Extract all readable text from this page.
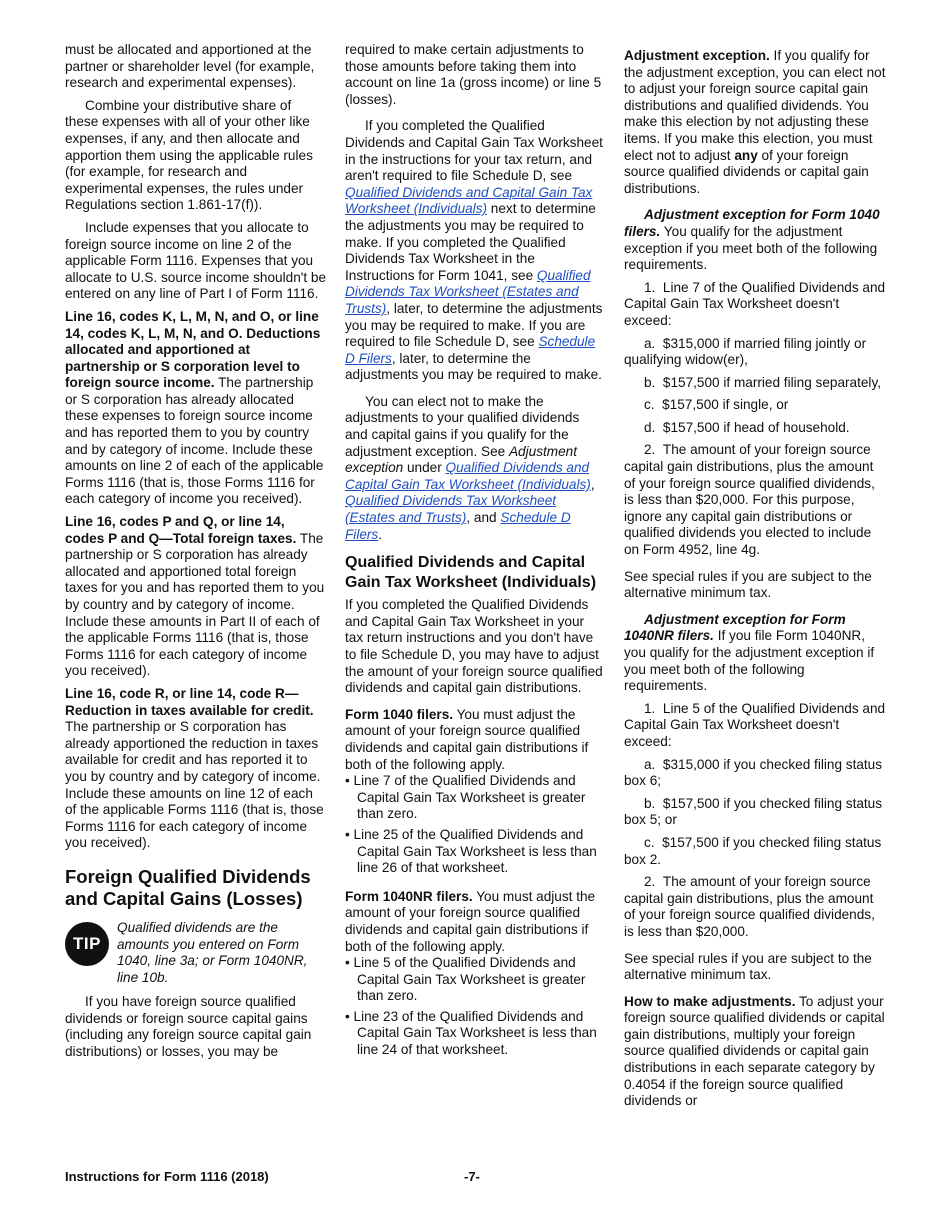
must be allocated and apportioned at the partner or shareholder level (for example, research and experimental expenses).

Combine your distributive share of these expenses with all of your other like expenses, if any, and then allocate and apportion them using the applicable rules (for example, for research and experimental expenses, the rules under Regulations section 1.861-17(f)).

Include expenses that you allocate to foreign source income on line 2 of the applicable Form 1116. Expenses that you allocate to U.S. source income shouldn't be entered on any line of Part I of Form 1116.

Line 16, codes K, L, M, N, and O, or line 14, codes K, L, M, N, and O. Deductions allocated and apportioned at partnership or S corporation level to foreign source income. The partnership or S corporation has already allocated these expenses to foreign source income and has reported them to you by country and by category of income. Include these amounts on line 2 of each of the applicable Forms 1116 (that is, those Forms 1116 for each category of income you received).

Line 16, codes P and Q, or line 14, codes P and Q—Total foreign taxes. The partnership or S corporation has already allocated and apportioned total foreign taxes for you and has reported them to you by country and by category of income. Include these amounts in Part II of each of the applicable Forms 1116 (that is, those Forms 1116 for each category of income you received).

Line 16, code R, or line 14, code R—Reduction in taxes available for credit. The partnership or S corporation has already apportioned the reduction in taxes available for credit and has reported it to you by country and by category of income. Include these amounts on line 12 of each of the applicable Forms 1116 (that is, those Forms 1116 for each category of income you received).

Foreign Qualified Dividends and Capital Gains (Losses)
TIP
Qualified dividends are the amounts you entered on Form 1040, line 3a; or Form 1040NR, line 10b.

If you have foreign source qualified dividends or foreign source capital gains (including any foreign source capital gain distributions) or losses, you may be

required to make certain adjustments to those amounts before taking them into account on line 1a (gross income) or line 5 (losses).

If you completed the Qualified Dividends and Capital Gain Tax Worksheet in the instructions for your tax return, and aren't required to file Schedule D, see Qualified Dividends and Capital Gain Tax Worksheet (Individuals) next to determine the adjustments you may be required to make. If you completed the Qualified Dividends Tax Worksheet in the Instructions for Form 1041, see Qualified Dividends Tax Worksheet (Estates and Trusts), later, to determine the adjustments you may be required to make. If you are required to file Schedule D, see Schedule D Filers, later, to determine the adjustments you may be required to make.

You can elect not to make the adjustments to your qualified dividends and capital gains if you qualify for the adjustment exception. See Adjustment exception under Qualified Dividends and Capital Gain Tax Worksheet (Individuals), Qualified Dividends Tax Worksheet (Estates and Trusts), and Schedule D Filers.

Qualified Dividends and Capital Gain Tax Worksheet (Individuals)

If you completed the Qualified Dividends and Capital Gain Tax Worksheet in your tax return instructions and you don't have to file Schedule D, you may have to adjust the amount of your foreign source qualified dividends and capital gain distributions.

Form 1040 filers. You must adjust the amount of your foreign source qualified dividends and capital gain distributions if both of the following apply.

• Line 7 of the Qualified Dividends and Capital Gain Tax Worksheet is greater than zero.

• Line 25 of the Qualified Dividends and Capital Gain Tax Worksheet is less than line 26 of that worksheet.

Form 1040NR filers. You must adjust the amount of your foreign source qualified dividends and capital gain distributions if both of the following apply.

• Line 5 of the Qualified Dividends and Capital Gain Tax Worksheet is greater than zero.

• Line 23 of the Qualified Dividends and Capital Gain Tax Worksheet is less than line 24 of that worksheet.

Adjustment exception. If you qualify for the adjustment exception, you can elect not to adjust your foreign source capital gain distributions and qualified dividends. You make this election by not adjusting these items. If you make this election, you must elect not to adjust any of your foreign source qualified dividends or capital gain distributions.

Adjustment exception for Form 1040 filers. You qualify for the adjustment exception if you meet both of the following requirements.

1.  Line 7 of the Qualified Dividends and Capital Gain Tax Worksheet doesn't exceed:

a.  $315,000 if married filing jointly or qualifying widow(er),

b.  $157,500 if married filing separately,

c.  $157,500 if single, or

d.  $157,500 if head of household.

2.  The amount of your foreign source capital gain distributions, plus the amount of your foreign source qualified dividends, is less than $20,000. For this purpose, ignore any capital gain distributions or qualified dividends you elected to include on Form 4952, line 4g.

See special rules if you are subject to the alternative minimum tax.

Adjustment exception for Form 1040NR filers. If you file Form 1040NR, you qualify for the adjustment exception if you meet both of the following requirements.

1.  Line 5 of the Qualified Dividends and Capital Gain Tax Worksheet doesn't exceed:

a.  $315,000 if you checked filing status box 6;

b.  $157,500 if you checked filing status box 5; or

c.  $157,500 if you checked filing status box 2.

2.  The amount of your foreign source capital gain distributions, plus the amount of your foreign source qualified dividends, is less than $20,000.

See special rules if you are subject to the alternative minimum tax.

How to make adjustments. To adjust your foreign source qualified dividends or capital gain distributions, multiply your foreign source qualified dividends or capital gain distributions in each separate category by 0.4054 if the foreign source qualified dividends or

Instructions for Form 1116 (2018)	-7-
